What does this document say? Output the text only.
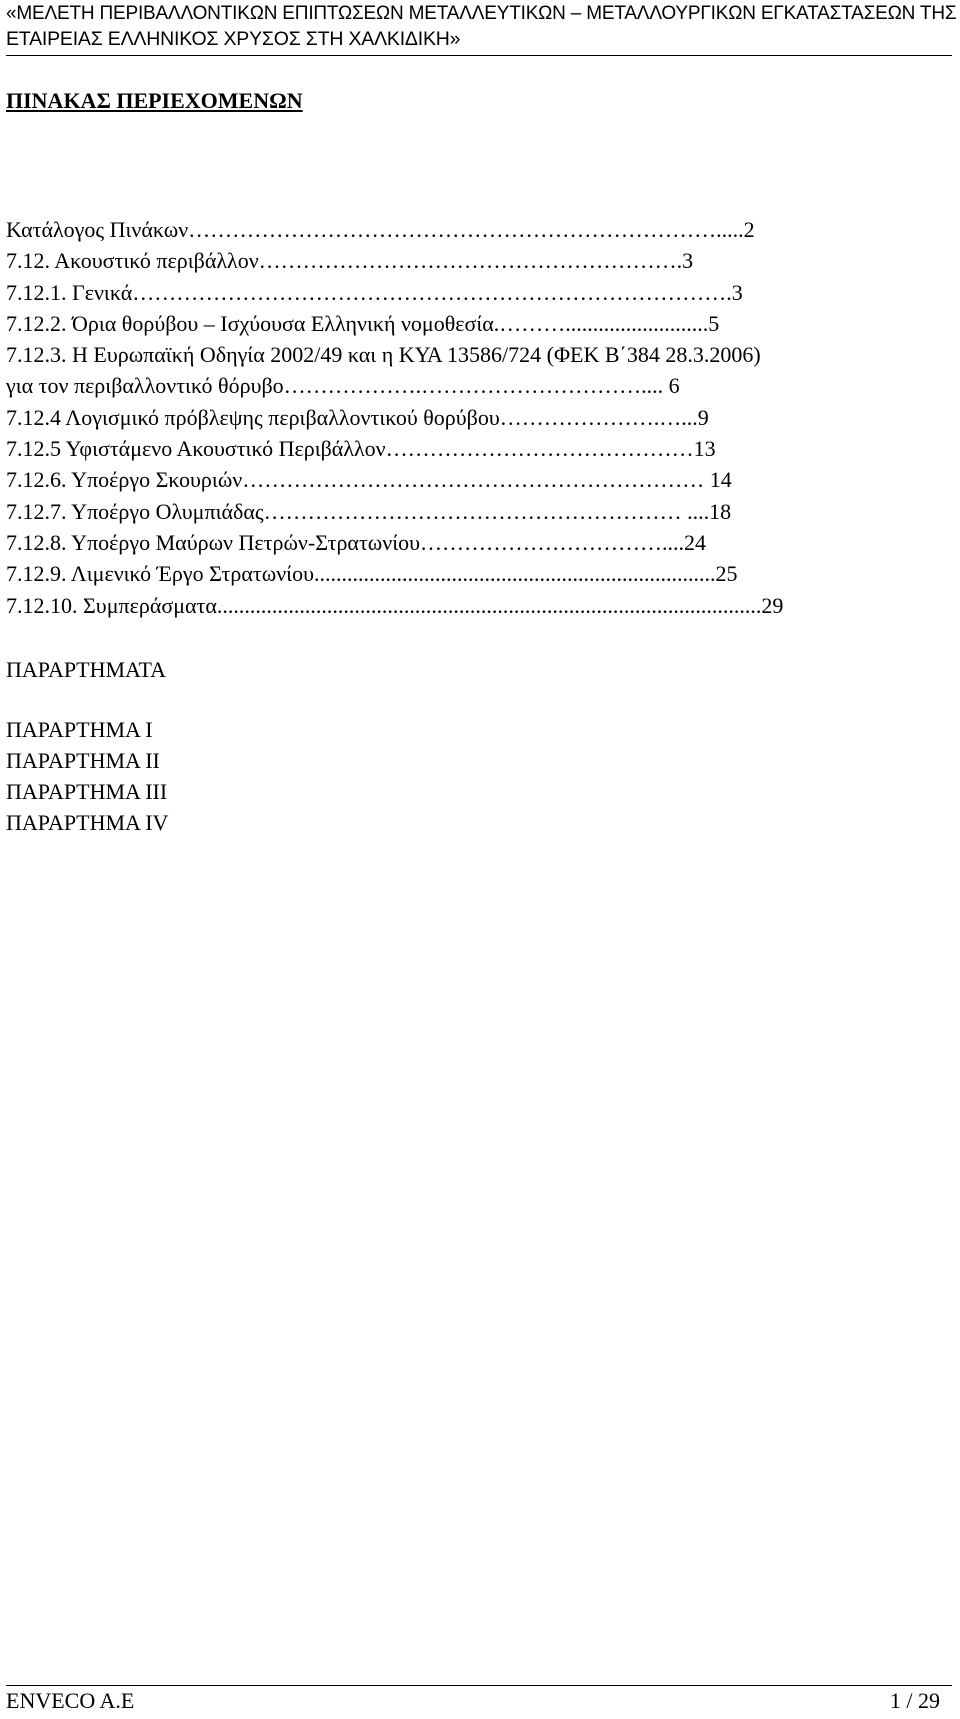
«ΜΕΛΕΤΗ ΠΕΡΙΒΑΛΛΟΝΤΙΚΩΝ ΕΠΙΠΤΩΣΕΩΝ ΜΕΤΑΛΛΕΥΤΙΚΩΝ – ΜΕΤΑΛΛΟΥΡΓΙΚΩΝ ΕΓΚΑΤΑΣΤΑΣΕΩΝ ΤΗΣ
ΕΤΑΙΡΕΙΑΣ ΕΛΛΗΝΙΚΟΣ ΧΡΥΣΟΣ ΣΤΗ ΧΑΛΚΙΔΙΚΗ»
ΠΙΝΑΚΑΣ ΠΕΡΙΕΧΟΜΕΝΩΝ
Κατάλογος Πινάκων……………………………………………………………….....2
7.12. Ακουστικό περιβάλλον………………………………………………….3
7.12.1. Γενικά……………………………………………………………………….3
7.12.2. Όρια θορύβου – Ισχύουσα Ελληνική νομοθεσία.………..........................5
7.12.3. Η Ευρωπαϊκή Οδηγία 2002/49 και η ΚΥΑ 13586/724 (ΦΕΚ Β΄384 28.3.2006)
για τον περιβαλλοντικό θόρυβο……………….………………………….... 6
7.12.4 Λογισμικό πρόβλεψης περιβαλλοντικού θορύβου………………….…...9
7.12.5 Υφιστάμενο Ακουστικό Περιβάλλον……………………………………13
7.12.6. Υποέργο Σκουριών……………………………………………………… 14
7.12.7. Υποέργο Ολυμπιάδας………………………………………………… ....18
7.12.8. Υποέργο Μαύρων Πετρών-Στρατωνίου……………………………....24
7.12.9. Λιμενικό Έργο Στρατωνίου.........................................................................25
7.12.10. Συμπεράσματα...................................................................................................29
ΠΑΡΑΡΤΗΜΑΤΑ
ΠΑΡΑΡΤΗΜΑ Ι
ΠΑΡΑΡΤΗΜΑ ΙΙ
ΠΑΡΑΡΤΗΜΑ ΙΙΙ
ΠΑΡΑΡΤΗΜΑ ΙV
ENVECO A.E	1 / 29
